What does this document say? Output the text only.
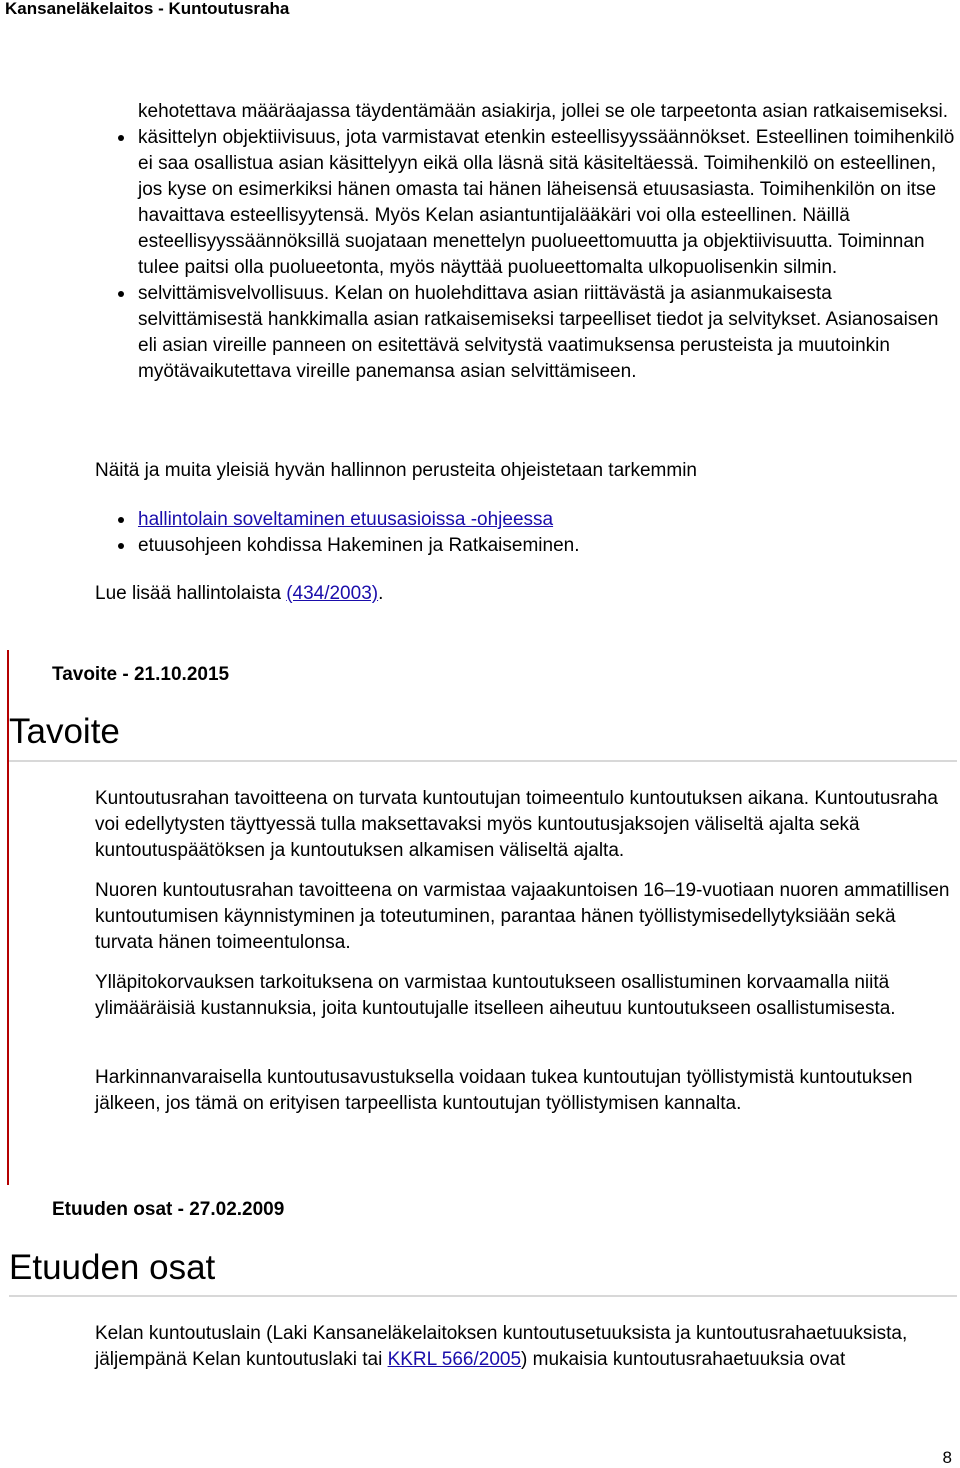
Kansaneläkelaitos - Kuntoutusraha
kehotettava määräajassa täydentämään asiakirja, jollei se ole tarpeetonta asian ratkaisemiseksi.
käsittelyn objektiivisuus, jota varmistavat etenkin esteellisyyssäännökset. Esteellinen toimihenkilö ei saa osallistua asian käsittelyyn eikä olla läsnä sitä käsiteltäessä. Toimihenkilö on esteellinen, jos kyse on esimerkiksi hänen omasta tai hänen läheisensä etuusasiasta. Toimihenkilön on itse havaittava esteellisyytensä. Myös Kelan asiantuntijalääkäri voi olla esteellinen. Näillä esteellisyyssäännöksillä suojataan menettelyn puolueettomuutta ja objektiivisuutta. Toiminnan tulee paitsi olla puolueetonta, myös näyttää puolueettomalta ulkopuolisenkin silmin.
selvittämisvelvollisuus. Kelan on huolehdittava asian riittävästä ja asianmukaisesta selvittämisestä hankkimalla asian ratkaisemiseksi tarpeelliset tiedot ja selvitykset. Asianosaisen eli asian vireille panneen on esitettävä selvitystä vaatimuksensa perusteista ja muutoinkin myötävaikutettava vireille panemansa asian selvittämiseen.

Näitä ja muita yleisiä hyvän hallinnon perusteita ohjeistetaan tarkemmin

hallintolain soveltaminen etuusasioissa -ohjeessa
etuusohjeen kohdissa Hakeminen ja Ratkaiseminen.

Lue lisää hallintolaista (434/2003).

Tavoite - 21.10.2015
Tavoite

Kuntoutusrahan tavoitteena on turvata kuntoutujan toimeentulo kuntoutuksen aikana. Kuntoutusraha voi edellytysten täyttyessä tulla maksettavaksi myös kuntoutusjaksojen väliseltä ajalta sekä kuntoutuspäätöksen ja kuntoutuksen alkamisen väliseltä ajalta.

Nuoren kuntoutusrahan tavoitteena on varmistaa vajaakuntoisen 16–19-vuotiaan nuoren ammatillisen kuntoutumisen käynnistyminen ja toteutuminen, parantaa hänen työllistymisedellytyksiään sekä turvata hänen toimeentulonsa.

Ylläpitokorvauksen tarkoituksena on varmistaa kuntoutukseen osallistuminen korvaamalla niitä ylimääräisiä kustannuksia, joita kuntoutujalle itselleen aiheutuu kuntoutukseen osallistumisesta.

Harkinnanvaraisella kuntoutusavustuksella voidaan tukea kuntoutujan työllistymistä kuntoutuksen jälkeen, jos tämä on erityisen tarpeellista kuntoutujan työllistymisen kannalta.

Etuuden osat - 27.02.2009
Etuuden osat

Kelan kuntoutuslain (Laki Kansaneläkelaitoksen kuntoutusetuuksista ja kuntoutusrahaetuuksista, jäljempänä Kelan kuntoutuslaki tai KKRL 566/2005) mukaisia kuntoutusrahaetuuksia ovat

8
